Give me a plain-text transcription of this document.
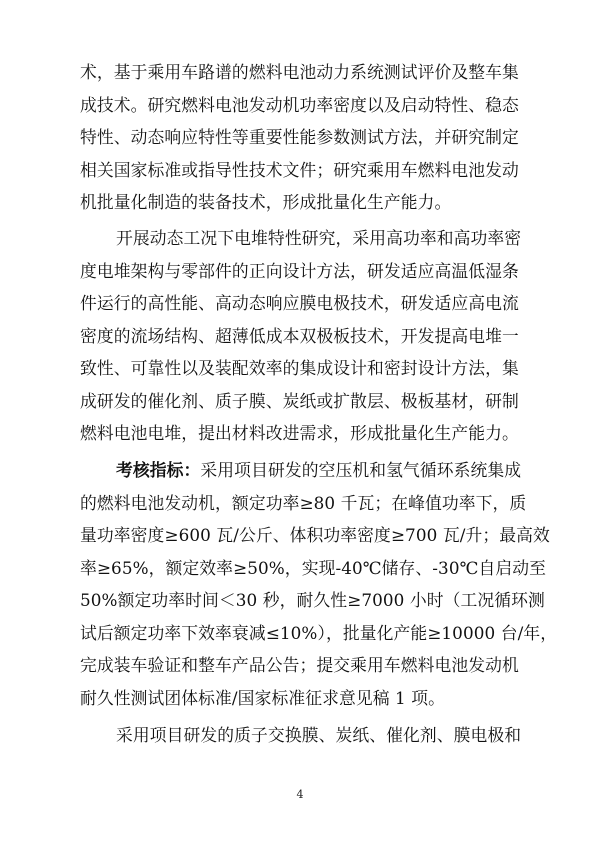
术，基于乘用车路谱的燃料电池动力系统测试评价及整车集
成技术。研究燃料电池发动机功率密度以及启动特性、稳态
特性、动态响应特性等重要性能参数测试方法，并研究制定
相关国家标准或指导性技术文件；研究乘用车燃料电池发动
机批量化制造的装备技术，形成批量化生产能力。
开展动态工况下电堆特性研究，采用高功率和高功率密
度电堆架构与零部件的正向设计方法，研发适应高温低湿条
件运行的高性能、高动态响应膜电极技术，研发适应高电流
密度的流场结构、超薄低成本双极板技术，开发提高电堆一
致性、可靠性以及装配效率的集成设计和密封设计方法，集
成研发的催化剂、质子膜、炭纸或扩散层、极板基材，研制
燃料电池电堆，提出材料改进需求，形成批量化生产能力。
考核指标：采用项目研发的空压机和氢气循环系统集成
的燃料电池发动机，额定功率≥80 千瓦；在峰值功率下，质
量功率密度≥600 瓦/公斤、体积功率密度≥700 瓦/升；最高效
率≥65%，额定效率≥50%，实现-40℃储存、-30℃自启动至
50%额定功率时间＜30 秒，耐久性≥7000 小时（工况循环测
试后额定功率下效率衰减≤10%），批量化产能≥10000 台/年，
完成装车验证和整车产品公告；提交乘用车燃料电池发动机
耐久性测试团体标准/国家标准征求意见稿 1 项。
采用项目研发的质子交换膜、炭纸、催化剂、膜电极和
4
